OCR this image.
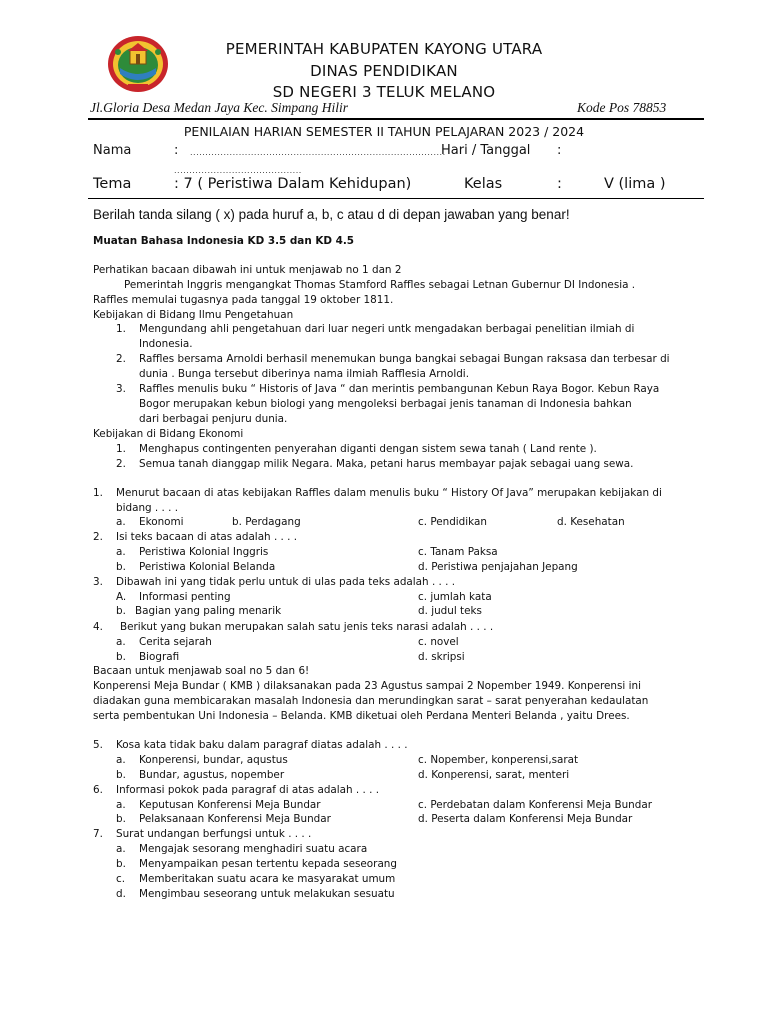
PEMERINTAH KABUPATEN KAYONG UTARA
DINAS PENDIDIKAN
SD NEGERI 3 TELUK MELANO
Jl.Gloria Desa Medan Jaya Kec. Simpang Hilir	Kode Pos 78853
PENILAIAN HARIAN SEMESTER II TAHUN PELAJARAN 2023 / 2024
Nama	: ....................................................................................
Hari / Tanggal :
..........................................
Tema	: 7 ( Peristiwa Dalam Kehidupan)	Kelas	:	V (lima )
Berilah tanda silang ( x) pada huruf a, b, c atau d di depan jawaban yang benar!
Muatan Bahasa Indonesia KD 3.5 dan KD 4.5
Perhatikan bacaan dibawah ini untuk menjawab no 1 dan 2
Pemerintah Inggris mengangkat Thomas Stamford Raffles sebagai Letnan Gubernur DI Indonesia .
Raffles memulai tugasnya pada tanggal 19 oktober 1811.
Kebijakan di Bidang Ilmu Pengetahuan
1. Mengundang ahli pengetahuan dari luar negeri untk mengadakan berbagai penelitian ilmiah di
Indonesia.
2. Raffles bersama Arnoldi berhasil menemukan bunga bangkai sebagai Bungan raksasa dan terbesar di
dunia . Bunga tersebut diberinya nama ilmiah Rafflesia Arnoldi.
3. Raffles menulis buku “ Historis of Java “ dan merintis pembangunan Kebun Raya Bogor. Kebun Raya
Bogor merupakan kebun biologi yang mengoleksi berbagai jenis tanaman di Indonesia bahkan
dari berbagai penjuru dunia.
Kebijakan di Bidang Ekonomi
1. Menghapus contingenten penyerahan diganti dengan sistem sewa tanah ( Land rente ).
2. Semua tanah dianggap milik Negara. Maka, petani harus membayar pajak sebagai uang sewa.
1. Menurut bacaan di atas kebijakan Raffles dalam menulis buku “ History Of Java” merupakan kebijakan di
bidang . . . .
a. Ekonomi	b. Perdagang	c. Pendidikan	d. Kesehatan
2. Isi teks bacaan di atas adalah . . . .
a. Peristiwa Kolonial Inggris	c. Tanam Paksa
b. Peristiwa Kolonial Belanda	d. Peristiwa penjajahan Jepang
3. Dibawah ini yang tidak perlu untuk di ulas pada teks adalah . . . .
A. Informasi penting	c. jumlah kata
b. Bagian yang paling menarik	d. judul teks
4. Berikut yang bukan merupakan salah satu jenis teks narasi adalah . . . .
a. Cerita sejarah	c. novel
b. Biografi	d. skripsi
Bacaan untuk menjawab soal no 5 dan 6!
Konperensi Meja Bundar ( KMB ) dilaksanakan pada 23 Agustus sampai 2 Nopember 1949. Konperensi ini
diadakan guna membicarakan masalah Indonesia dan merundingkan sarat – sarat penyerahan kedaulatan
serta pembentukan Uni Indonesia – Belanda. KMB diketuai oleh Perdana Menteri Belanda , yaitu Drees.
5. Kosa kata tidak baku dalam paragraf diatas adalah . . . .
a. Konperensi, bundar, aqustus	c. Nopember, konperensi,sarat
b. Bundar, agustus, nopember	d. Konperensi, sarat, menteri
6. Informasi pokok pada paragraf di atas adalah . . . .
a. Keputusan Konferensi Meja Bundar	c. Perdebatan dalam Konferensi Meja Bundar
b. Pelaksanaan Konferensi Meja Bundar	d. Peserta dalam Konferensi Meja Bundar
7. Surat undangan berfungsi untuk . . . .
a. Mengajak sesorang menghadiri suatu acara
b. Menyampaikan pesan tertentu kepada seseorang
c. Memberitakan suatu acara ke masyarakat umum
d. Mengimbau seseorang untuk melakukan sesuatu
